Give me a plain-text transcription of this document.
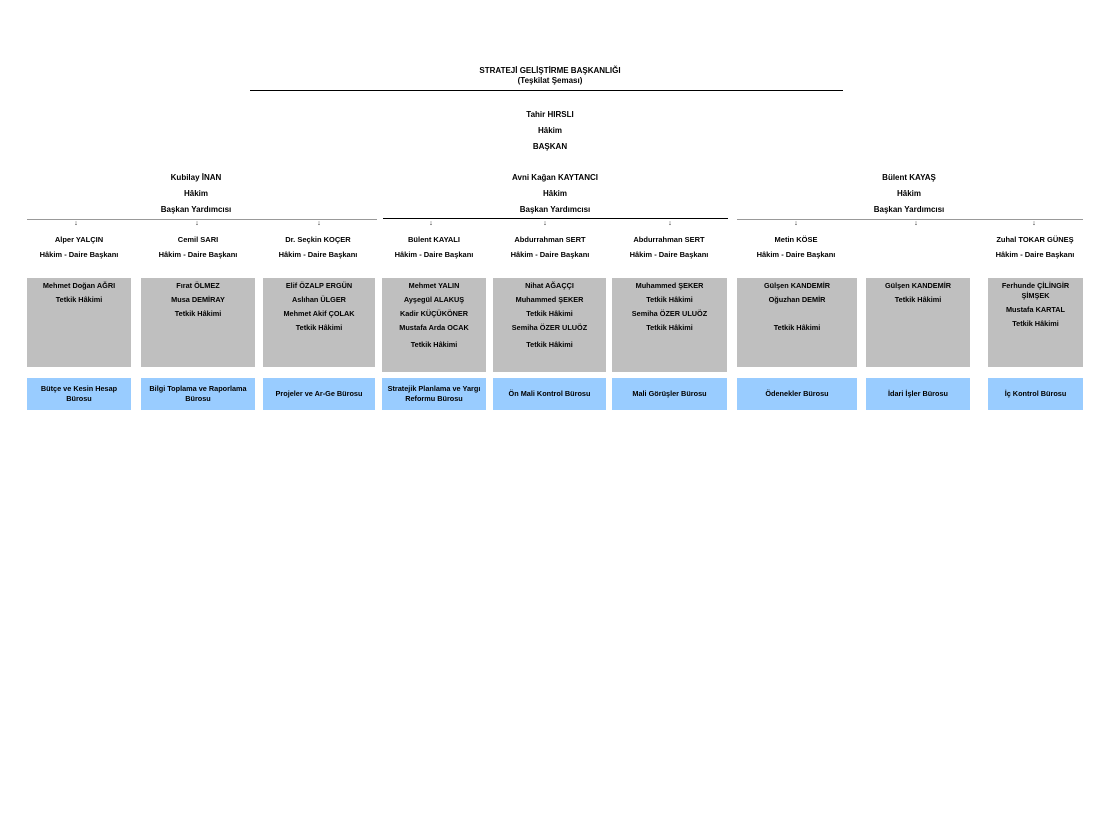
STRATEJİ GELİŞTİRME BAŞKANLIĞI
(Teşkilat Şeması)
Tahir HIRSLI
Hâkim
BAŞKAN
Kubilay İNAN
Hâkim
Başkan Yardımcısı
Avni Kağan KAYTANCI
Hâkim
Başkan Yardımcısı
Bülent KAYAŞ
Hâkim
Başkan Yardımcısı
↓	↓	↓	↓	↓	↓	↓	↓	↓
Alper YALÇIN
Hâkim - Daire Başkanı
Cemil SARI
Hâkim - Daire Başkanı
Dr. Seçkin KOÇER
Hâkim - Daire Başkanı
Bülent KAYALI
Hâkim - Daire Başkanı
Abdurrahman SERT
Hâkim - Daire Başkanı
Abdurrahman SERT
Hâkim - Daire Başkanı
Metin KÖSE
Hâkim - Daire Başkanı
Zuhal TOKAR GÜNEŞ
Hâkim - Daire Başkanı
Mehmet Doğan AĞRI
Tetkik Hâkimi
Fırat ÖLMEZ
Musa DEMİRAY
Tetkik Hâkimi
Elif ÖZALP ERGÜN
Aslıhan ÜLGER
Mehmet Akif ÇOLAK
Tetkik Hâkimi
Mehmet YALIN
Ayşegül ALAKUŞ
Kadir KÜÇÜKÖNER
Mustafa Arda OCAK
Tetkik Hâkimi
Nihat AĞAÇÇI
Muhammed ŞEKER
Tetkik Hâkimi
Semiha ÖZER ULUÖZ
Tetkik Hâkimi
Muhammed ŞEKER
Tetkik Hâkimi
Semiha ÖZER ULUÖZ
Tetkik Hâkimi
Gülşen KANDEMİR
Oğuzhan DEMİR

Tetkik Hâkimi
Gülşen KANDEMİR
Tetkik Hâkimi
Ferhunde ÇİLİNGİR ŞİMŞEK
Mustafa KARTAL
Tetkik Hâkimi
Bütçe ve Kesin Hesap Bürosu
Bilgi Toplama ve Raporlama Bürosu
Projeler ve Ar-Ge Bürosu
Stratejik Planlama ve Yargı Reformu Bürosu
Ön Mali Kontrol Bürosu	Mali Görüşler Bürosu	Ödenekler Bürosu	İdari İşler Bürosu	İç Kontrol Bürosu
